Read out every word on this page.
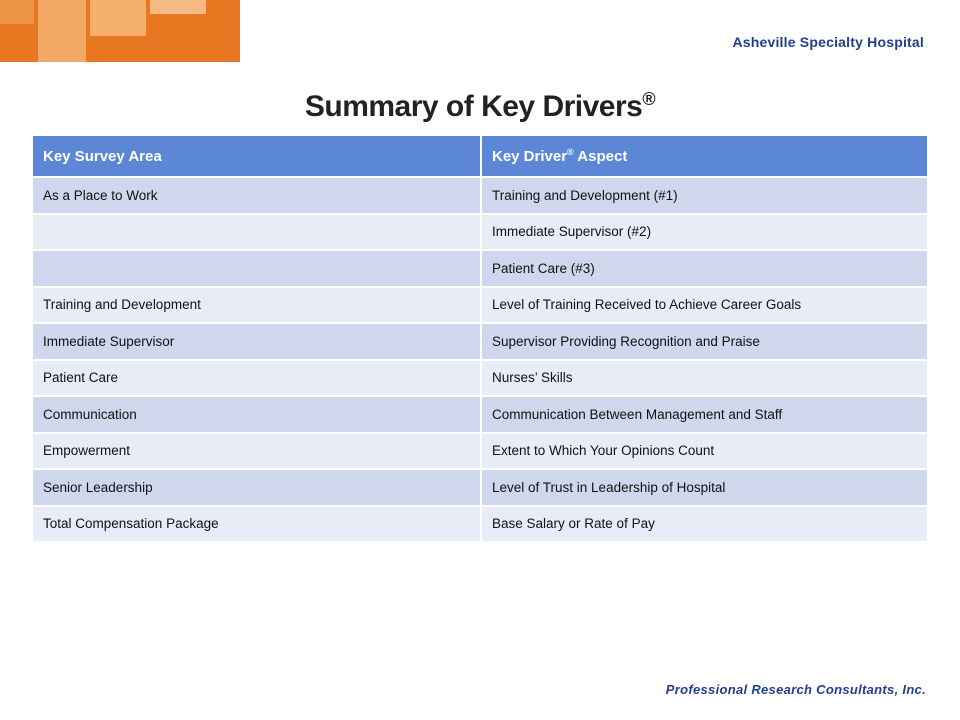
Asheville Specialty Hospital
Summary of Key Drivers®
Key Survey Area	Key Driver® Aspect
As a Place to Work	Training and Development (#1)
	Immediate Supervisor (#2)
	Patient Care (#3)
Training and Development	Level of Training Received to Achieve Career Goals
Immediate Supervisor	Supervisor Providing Recognition and Praise
Patient Care	Nurses’ Skills
Communication	Communication Between Management and Staff
Empowerment	Extent to Which Your Opinions Count
Senior Leadership	Level of Trust in Leadership of Hospital
Total Compensation Package	Base Salary or Rate of Pay
Professional Research Consultants, Inc.
